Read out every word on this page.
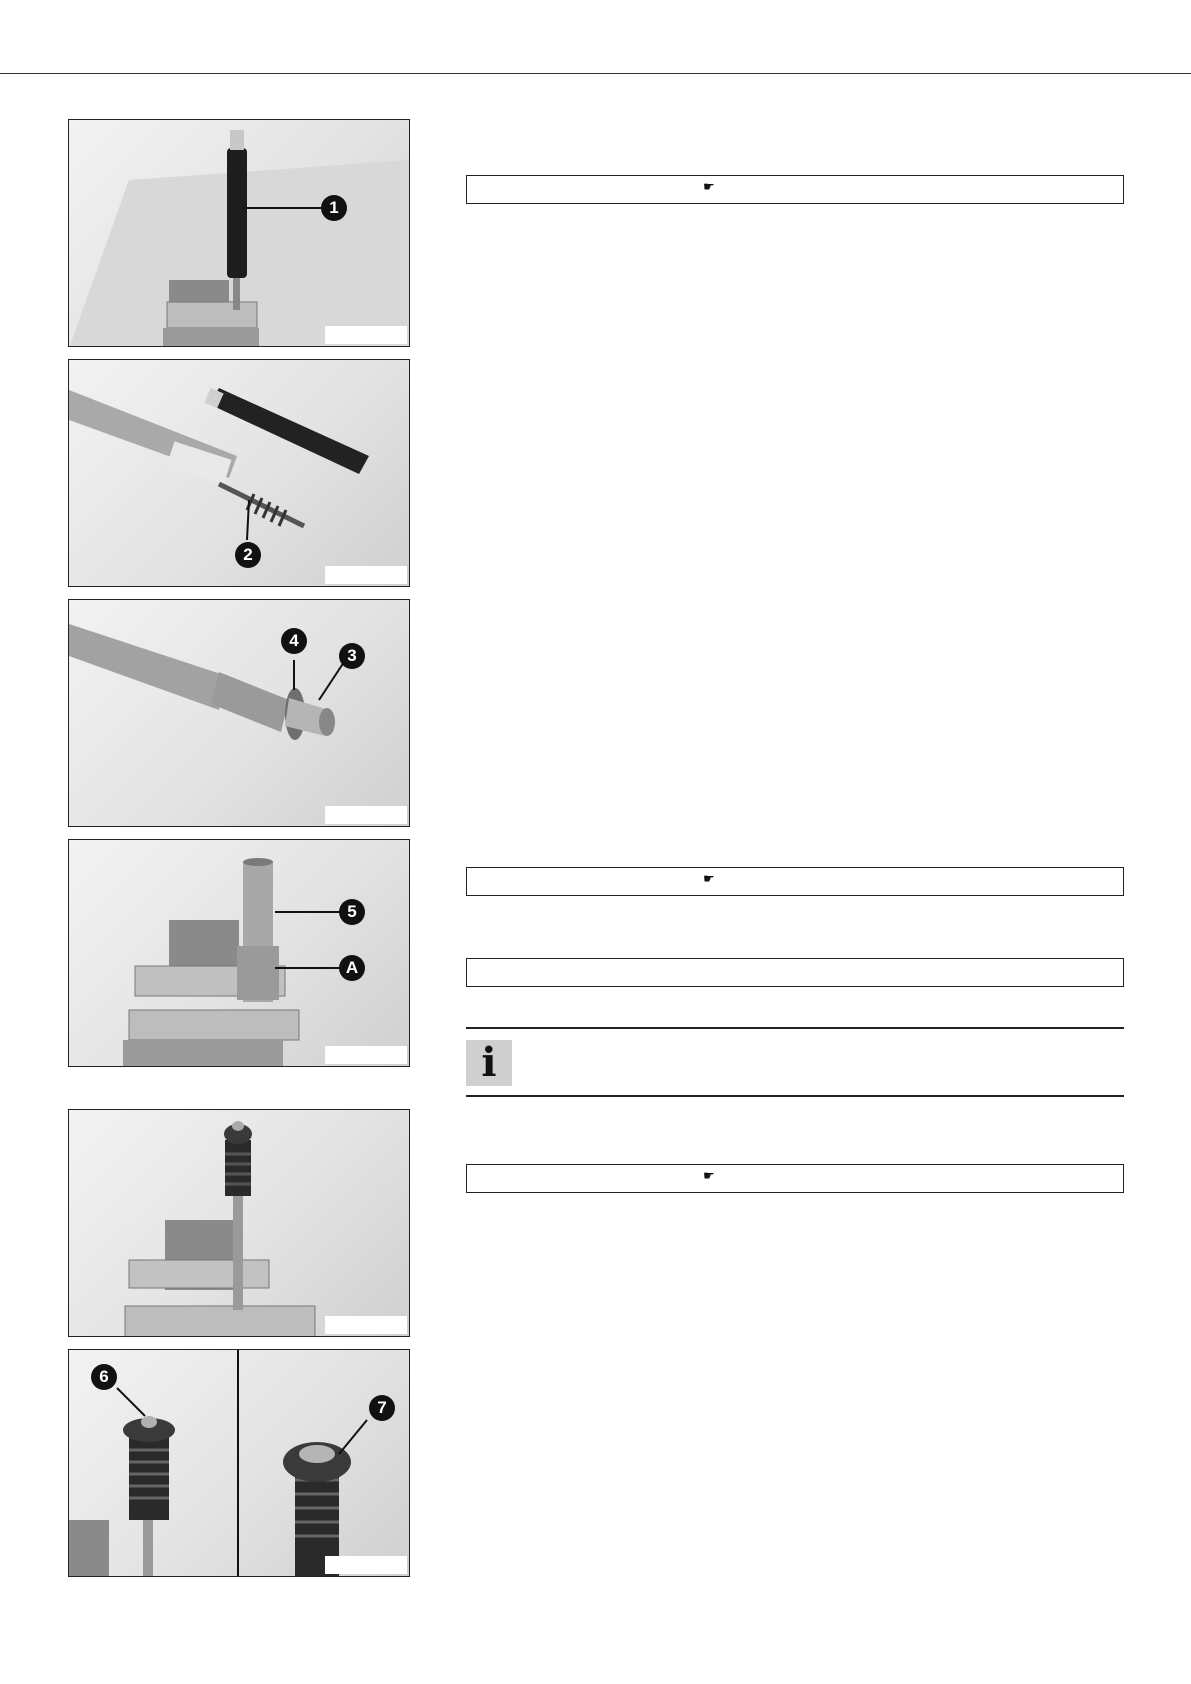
1
2
4
3
5
A
6
7
☛
☛
i
☛
